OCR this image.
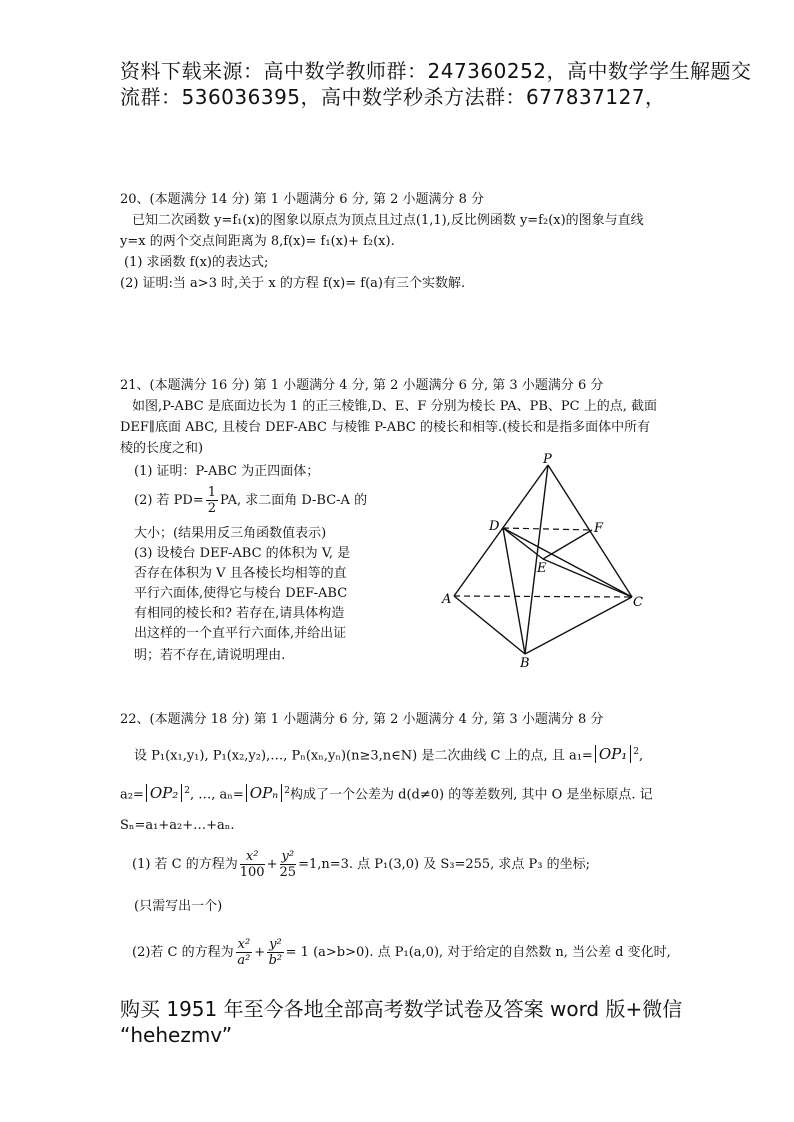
资料下载来源：高中数学教师群：247360252，高中数学学生解题交
流群：536036395，高中数学秒杀方法群：677837127，
20、(本题满分 14 分) 第 1 小题满分 6 分, 第 2 小题满分 8 分
已知二次函数 y=f₁(x)的图象以原点为顶点且过点(1,1),反比例函数 y=f₂(x)的图象与直线
y=x 的两个交点间距离为 8,f(x)= f₁(x)+ f₂(x).
(1) 求函数 f(x)的表达式;
(2) 证明:当 a>3 时,关于 x 的方程 f(x)= f(a)有三个实数解.
21、(本题满分 16 分) 第 1 小题满分 4 分, 第 2 小题满分 6 分, 第 3 小题满分 6 分
如图,P-ABC 是底面边长为 1 的正三棱锥,D、E、F 分别为棱长 PA、PB、PC 上的点, 截面
DEF∥底面 ABC, 且棱台 DEF-ABC 与棱锥 P-ABC 的棱长和相等.(棱长和是指多面体中所有
棱的长度之和)
(1) 证明：P-ABC 为正四面体；
(2) 若 $PD= \frac{1}{2}$ PA, 求二面角 D-BC-A 的
大小；(结果用反三角函数值表示)
(3) 设棱台 DEF-ABC 的体积为 V, 是
否存在体积为 V 且各棱长均相等的直
平行六面体,使得它与棱台 DEF-ABC
有相同的棱长和? 若存在,请具体构造
出这样的一个直平行六面体,并给出证
明；若不存在,请说明理由.
P
D	F
E
A	C
B
22、(本题满分 18 分) 第 1 小题满分 6 分, 第 2 小题满分 4 分, 第 3 小题满分 8 分
设 P₁(x₁,y₁), P₁(x₂,y₂),…, Pₙ(xₙ,yₙ)(n≥3,n∈N) 是二次曲线 C 上的点, 且 a₁= OP₁ $^2$,
a₂= OP₂ $^2$, …, aₙ= OPₙ $^2$构成了一个公差为 d(d≠0) 的等差数列, 其中 O 是坐标原点. 记
Sₙ=a₁+a₂+…+aₙ.
(1) 若 C 的方程为 $\frac{\text{x²}}{100} + \frac{\text{y²}}{25} =1,n=3$. 点 P₁(3,0) 及 S₃=255, 求点 P₃ 的坐标;
(只需写出一个)
(2)若 C 的方程为 $\frac{\text{x²}}{\text{a²}} + \frac{\text{y²}}{\text{b²}} = 1$ (a>b>0). 点 P₁(a,0), 对于给定的自然数 n, 当公差 d 变化时,
购买 1951 年至今各地全部高考数学试卷及答案 word 版+微信
“hehezmv”
